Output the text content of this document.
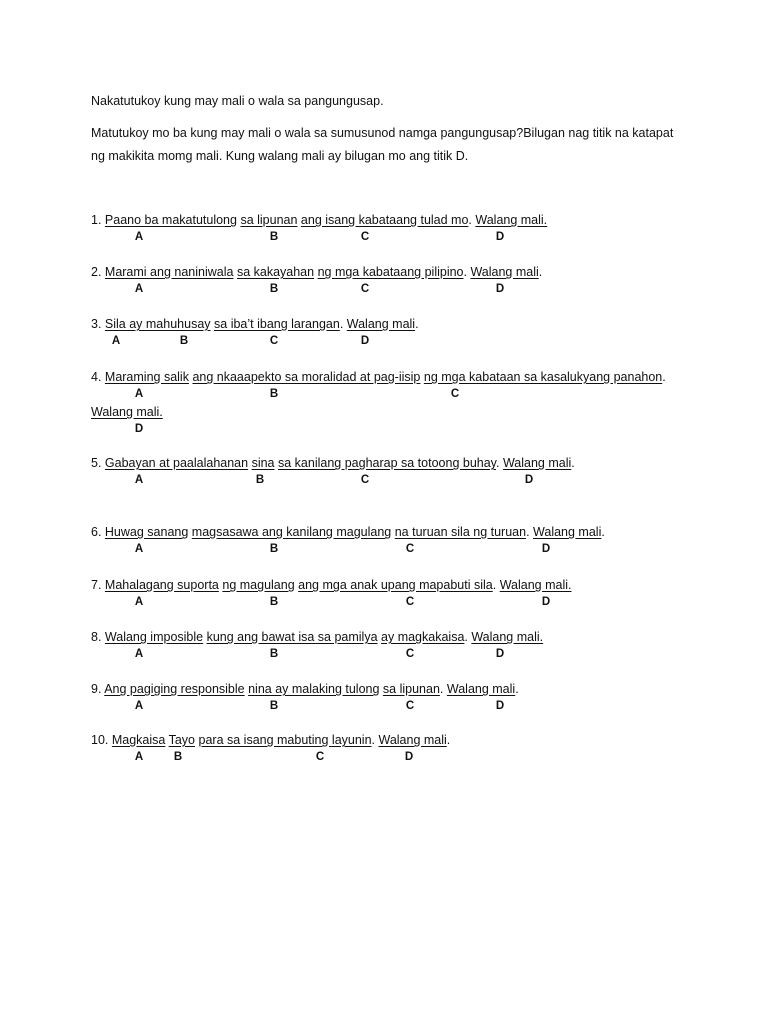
Nakatutukoy kung may mali o wala sa pangungusap.
Matutukoy mo ba kung may mali o wala sa sumusunod namga pangungusap?Bilugan nag titik na katapat
ng makikita momg mali. Kung walang mali ay bilugan mo ang titik D.
1. Paano ba makatutulong sa lipunan ang isang kabataang tulad mo. Walang mali.
A	B	C	D
2. Marami ang naniniwala sa kakayahan ng mga kabataang pilipino. Walang mali.
A	B	C	D
3. Sila ay mahuhusay sa iba’t ibang larangan. Walang mali.
A	B	C	D
4. Maraming salik ang nkaaapekto sa moralidad at pag-iisip ng mga kabataan sa kasalukyang panahon.
A	B	C
Walang mali.
D
5. Gabayan at paalalahanan sina sa kanilang pagharap sa totoong buhay. Walang mali.
A	B	C	D
6. Huwag sanang magsasawa ang kanilang magulang na turuan sila ng turuan. Walang mali.
A	B	C	D
7. Mahalagang suporta ng magulang ang mga anak upang mapabuti sila. Walang mali.
A	B	C	D
8. Walang imposible kung ang bawat isa sa pamilya ay magkakaisa. Walang mali.
A	B	C	D
9. Ang pagiging responsible nina ay malaking tulong sa lipunan. Walang mali.
A	B	C	D
10. Magkaisa Tayo para sa isang mabuting layunin. Walang mali.
A	B	C	D
